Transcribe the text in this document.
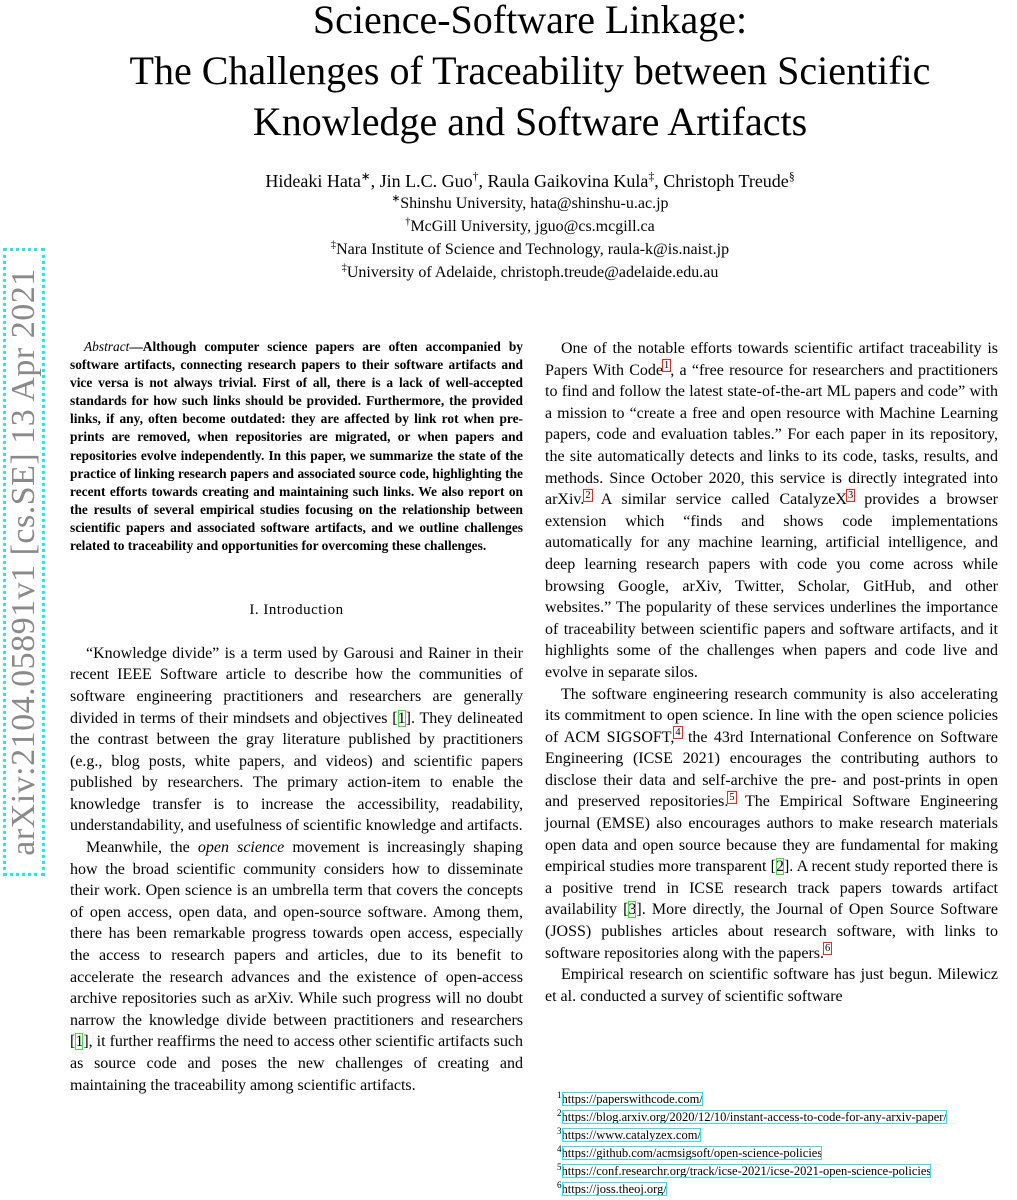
Science-Software Linkage:
The Challenges of Traceability between Scientific
Knowledge and Software Artifacts
Hideaki Hata∗, Jin L.C. Guo†, Raula Gaikovina Kula‡, Christoph Treude§
∗Shinshu University, hata@shinshu-u.ac.jp
†McGill University, jguo@cs.mcgill.ca
‡Nara Institute of Science and Technology, raula-k@is.naist.jp
‡University of Adelaide, christoph.treude@adelaide.edu.au
arXiv:2104.05891v1 [cs.SE] 13 Apr 2021	Abstract—Although computer science papers are often accompanied by software artifacts, connecting research papers to their software artifacts and vice versa is not always trivial. First of all, there is a lack of well-accepted standards for how such links should be provided. Furthermore, the provided links, if any, often become outdated: they are affected by link rot when pre-prints are removed, when repositories are migrated, or when papers and repositories evolve independently. In this paper, we summarize the state of the practice of linking research papers and associated source code, highlighting the recent efforts towards creating and maintaining such links. We also report on the results of several empirical studies focusing on the relationship between scientific papers and associated software artifacts, and we outline challenges related to traceability and opportunities for overcoming these challenges.

I. Introduction

“Knowledge divide” is a term used by Garousi and Rainer in their recent IEEE Software article to describe how the communities of software engineering practitioners and researchers are generally divided in terms of their mindsets and objectives [1]. They delineated the contrast between the gray literature published by practitioners (e.g., blog posts, white papers, and videos) and scientific papers published by researchers. The primary action-item to enable the knowledge transfer is to increase the accessibility, readability, understandability, and usefulness of scientific knowledge and artifacts.

Meanwhile, the open science movement is increasingly shaping how the broad scientific community considers how to disseminate their work. Open science is an umbrella term that covers the concepts of open access, open data, and open-source software. Among them, there has been remarkable progress towards open access, especially the access to research papers and articles, due to its benefit to accelerate the research advances and the existence of open-access archive repositories such as arXiv. While such progress will no doubt narrow the knowledge divide between practitioners and researchers [1], it further reaffirms the need to access other scientific artifacts such as source code and poses the new challenges of creating and maintaining the traceability among scientific artifacts.

One of the notable efforts towards scientific artifact traceability is Papers With Code$^1$, a “free resource for researchers and practitioners to find and follow the latest state-of-the-art ML papers and code” with a mission to “create a free and open resource with Machine Learning papers, code and evaluation tables.” For each paper in its repository, the site automatically detects and links to its code, tasks, results, and methods. Since October 2020, this service is directly integrated into arXiv.$^2$ A similar service called CatalyzeX$^3$ provides a browser extension which “finds and shows code implementations automatically for any machine learning, artificial intelligence, and deep learning research papers with code you come across while browsing Google, arXiv, Twitter, Scholar, GitHub, and other websites.” The popularity of these services underlines the importance of traceability between scientific papers and software artifacts, and it highlights some of the challenges when papers and code live and evolve in separate silos.

The software engineering research community is also accelerating its commitment to open science. In line with the open science policies of ACM SIGSOFT,$^4$ the 43rd International Conference on Software Engineering (ICSE 2021) encourages the contributing authors to disclose their data and self-archive the pre- and post-prints in open and preserved repositories.$^5$ The Empirical Software Engineering journal (EMSE) also encourages authors to make research materials open data and open source because they are fundamental for making empirical studies more transparent [2]. A recent study reported there is a positive trend in ICSE research track papers towards artifact availability [3]. More directly, the Journal of Open Source Software (JOSS) publishes articles about research software, with links to software repositories along with the papers.$^6$

Empirical research on scientific software has just begun. Milewicz et al. conducted a survey of scientific software

$^1$https://paperswithcode.com/
$^2$https://blog.arxiv.org/2020/12/10/instant-access-to-code-for-any-arxiv-paper/
$^3$https://www.catalyzex.com/
$^4$https://github.com/acmsigsoft/open-science-policies
$^5$https://conf.researchr.org/track/icse-2021/icse-2021-open-science-policies
$^6$https://joss.theoj.org/
